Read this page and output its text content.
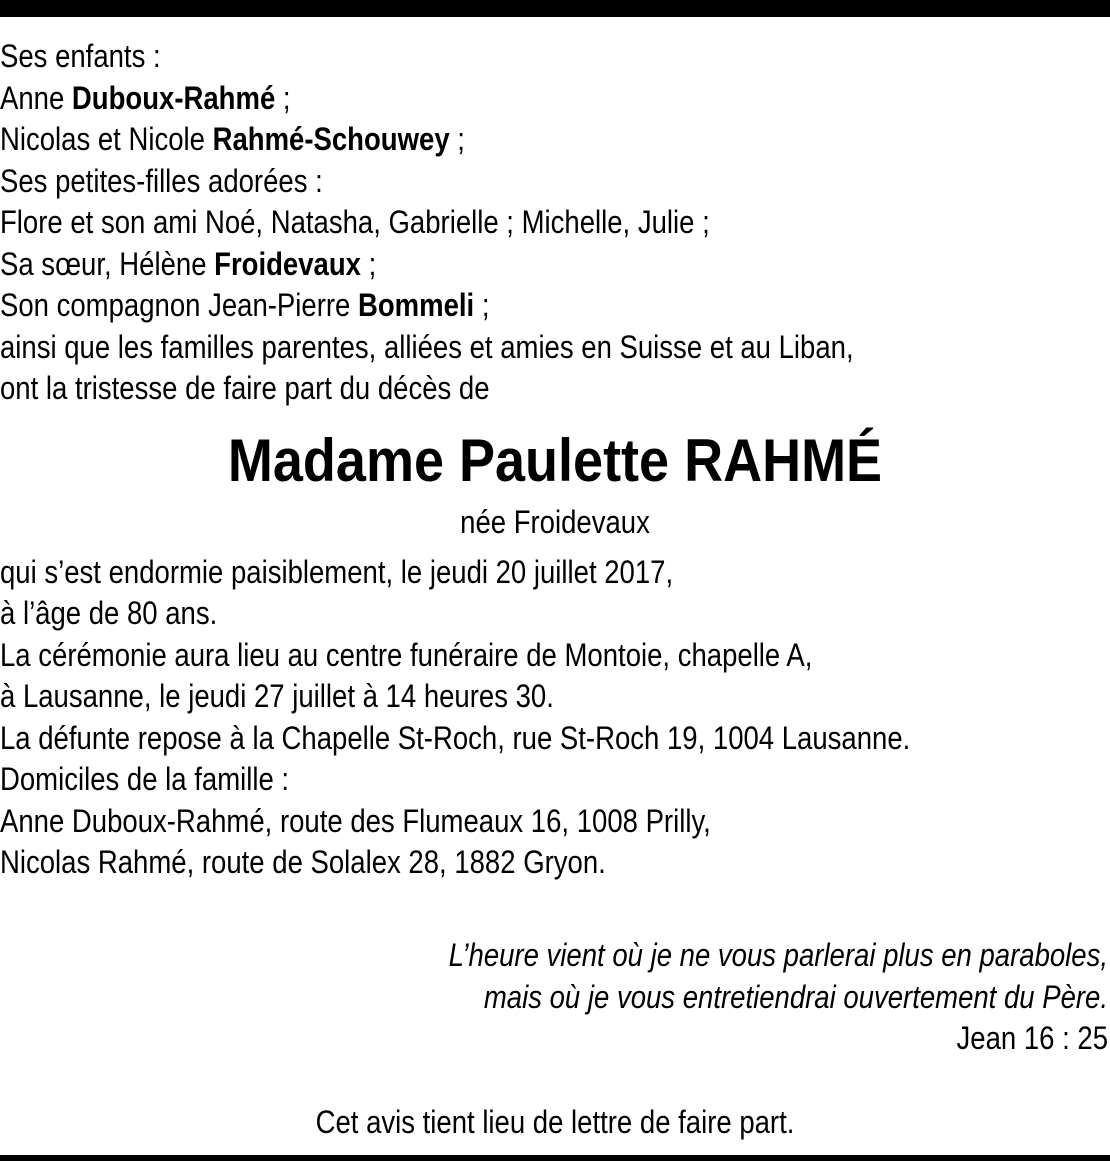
Ses enfants :
Anne Duboux-Rahmé ;
Nicolas et Nicole Rahmé-Schouwey ;
Ses petites-filles adorées :
Flore et son ami Noé, Natasha, Gabrielle ; Michelle, Julie ;
Sa sœur, Hélène Froidevaux ;
Son compagnon Jean-Pierre Bommeli ;
ainsi que les familles parentes, alliées et amies en Suisse et au Liban,
ont la tristesse de faire part du décès de
Madame Paulette RAHMÉ
née Froidevaux
qui s’est endormie paisiblement, le jeudi 20 juillet 2017,
à l’âge de 80 ans.
La cérémonie aura lieu au centre funéraire de Montoie, chapelle A,
à Lausanne, le jeudi 27 juillet à 14 heures 30.
La défunte repose à la Chapelle St-Roch, rue St-Roch 19, 1004 Lausanne.
Domiciles de la famille :
Anne Duboux-Rahmé, route des Flumeaux 16, 1008 Prilly,
Nicolas Rahmé, route de Solalex 28, 1882 Gryon.
L’heure vient où je ne vous parlerai plus en paraboles,
mais où je vous entretiendrai ouvertement du Père.
Jean 16 : 25
Cet avis tient lieu de lettre de faire part.
